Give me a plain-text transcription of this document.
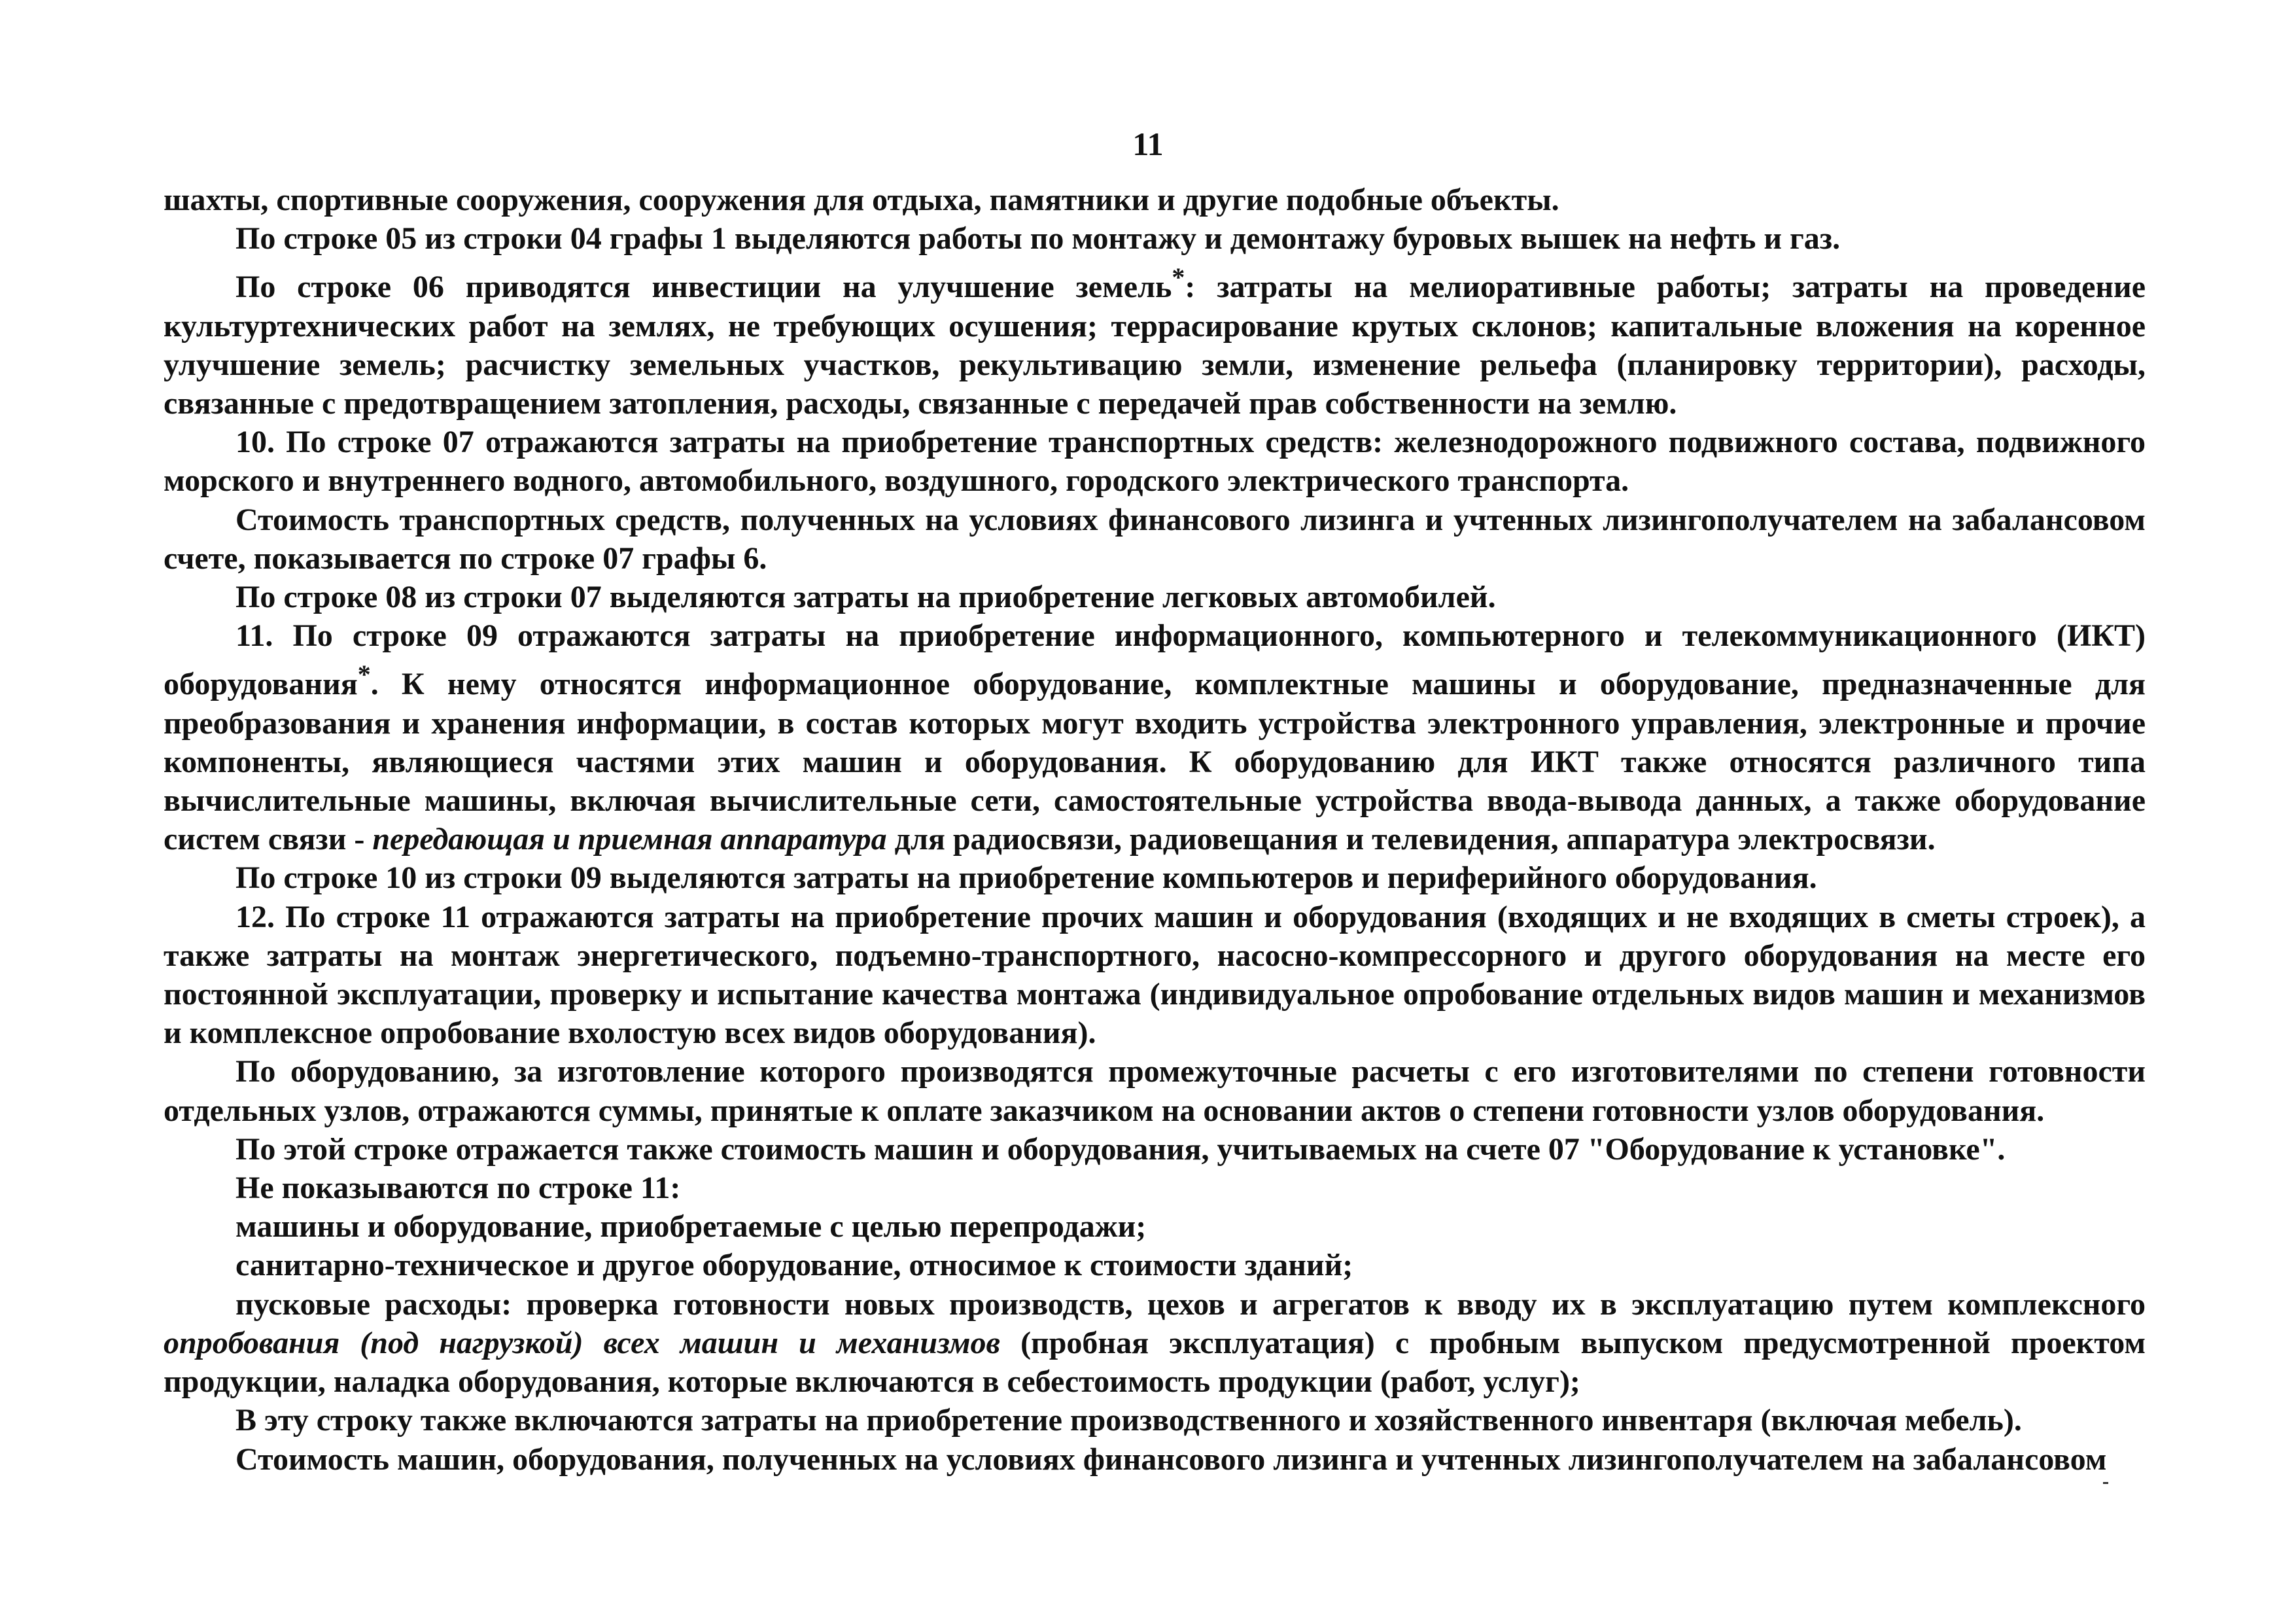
11

шахты, спортивные сооружения, сооружения для отдыха, памятники и другие подобные объекты.

По строке 05 из строки 04 графы 1 выделяются работы по монтажу и демонтажу буровых вышек на нефть и газ.

По строке 06 приводятся инвестиции на улучшение земель*: затраты на мелиоративные работы; затраты на проведение культуртехнических работ на землях, не требующих осушения; террасирование крутых склонов; капитальные вложения на коренное улучшение земель; расчистку земельных участков, рекультивацию земли, изменение рельефа (планировку территории), расходы, связанные с предотвращением затопления, расходы, связанные с передачей прав собственности на землю.

10. По строке 07 отражаются затраты на приобретение транспортных средств: железнодорожного подвижного состава, подвижного морского и внутреннего водного, автомобильного, воздушного, городского электрического транспорта.

Стоимость транспортных средств, полученных на условиях финансового лизинга и учтенных лизингополучателем на забалансовом счете, показывается по строке 07 графы 6.

По строке 08 из строки 07 выделяются затраты на приобретение легковых автомобилей.

11. По строке 09 отражаются затраты на приобретение информационного, компьютерного и телекоммуникационного (ИКТ) оборудования*. К нему относятся информационное оборудование, комплектные машины и оборудование, предназначенные для преобразования и хранения информации, в состав которых могут входить устройства электронного управления, электронные и прочие компоненты, являющиеся частями этих машин и оборудования. К оборудованию для ИКТ также относятся различного типа вычислительные машины, включая вычислительные сети, самостоятельные устройства ввода-вывода данных, а также оборудование систем связи - передающая и приемная аппаратура для радиосвязи, радиовещания и телевидения, аппаратура электросвязи.

По строке 10 из строки 09 выделяются затраты на приобретение компьютеров и периферийного оборудования.

12. По строке 11 отражаются затраты на приобретение прочих машин и оборудования (входящих и не входящих в сметы строек), а также затраты на монтаж энергетического, подъемно-транспортного, насосно-компрессорного и другого оборудования на месте его постоянной эксплуатации, проверку и испытание качества монтажа (индивидуальное опробование отдельных видов машин и механизмов и комплексное опробование вхолостую всех видов оборудования).

По оборудованию, за изготовление которого производятся промежуточные расчеты с его изготовителями по степени готовности отдельных узлов, отражаются суммы, принятые к оплате заказчиком на основании актов о степени готовности узлов оборудования.

По этой строке отражается также стоимость машин и оборудования, учитываемых на счете 07 "Оборудование к установке".

Не показываются по строке 11:

машины и оборудование, приобретаемые с целью перепродажи;

санитарно-техническое и другое оборудование, относимое к стоимости зданий;

пусковые расходы: проверка готовности новых производств, цехов и агрегатов к вводу их в эксплуатацию путем комплексного опробования (под нагрузкой) всех машин и механизмов (пробная эксплуатация) с пробным выпуском предусмотренной проектом продукции, наладка оборудования, которые включаются в себестоимость продукции (работ, услуг);

В эту строку также включаются затраты на приобретение производственного и хозяйственного инвентаря (включая мебель).

Стоимость машин, оборудования, полученных на условиях финансового лизинга и учтенных лизингополучателем на забалансовом
